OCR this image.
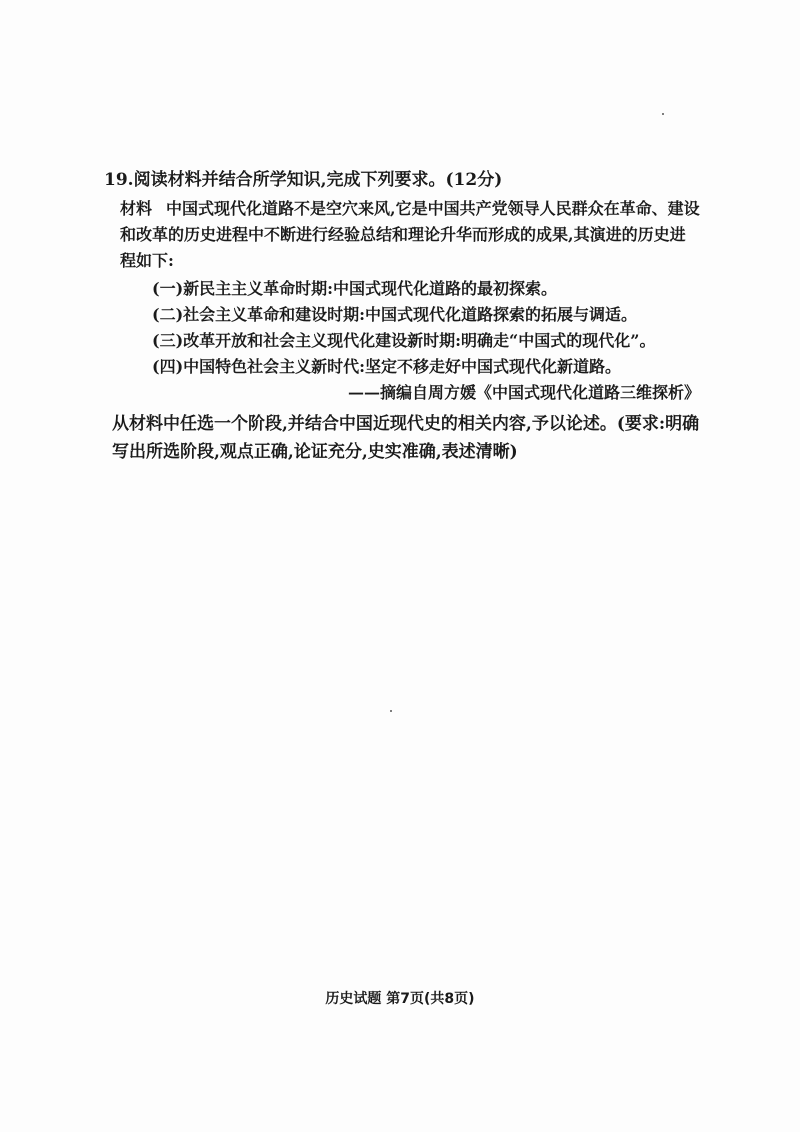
19.阅读材料并结合所学知识,完成下列要求。(12分)
材料 中国式现代化道路不是空穴来风,它是中国共产党领导人民群众在革命、建设和改革的历史进程中不断进行经验总结和理论升华而形成的成果,其演进的历史进程如下:
(一)新民主主义革命时期:中国式现代化道路的最初探索。
(二)社会主义革命和建设时期:中国式现代化道路探索的拓展与调适。
(三)改革开放和社会主义现代化建设新时期:明确走“中国式的现代化”。
(四)中国特色社会主义新时代:坚定不移走好中国式现代化新道路。
——摘编自周方媛《中国式现代化道路三维探析》
从材料中任选一个阶段,并结合中国近现代史的相关内容,予以论述。(要求:明确写出所选阶段,观点正确,论证充分,史实准确,表述清晰)
历史试题 第7页(共8页)
